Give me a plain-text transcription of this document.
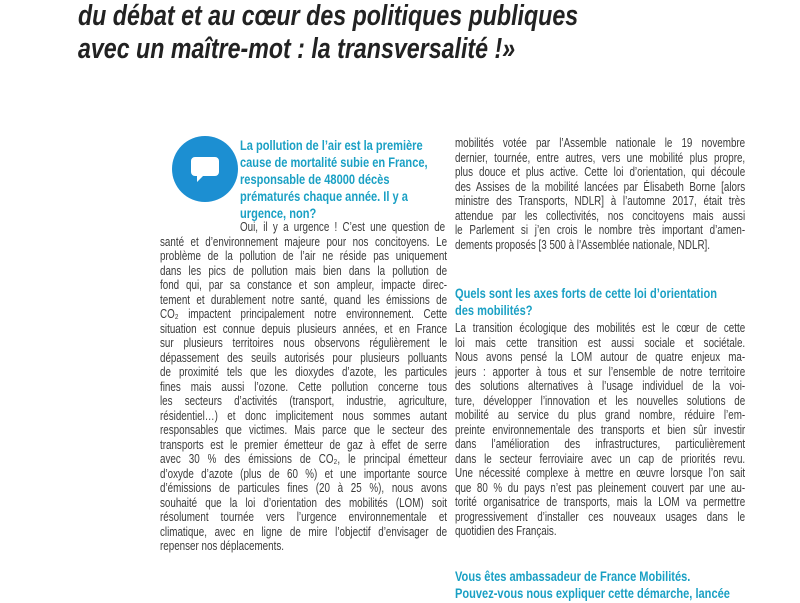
du débat et au cœur des politiques publiques
avec un maître-mot : la transversalité !»
La pollution de l’air est la première
cause de mortalité subie en France,
responsable de 48000 décès
prématurés chaque année. Il y a
urgence, non?
Oui, il y a urgence ! C’est une question de
santé et d’environnement majeure pour nos concitoyens. Le
problème de la pollution de l’air ne réside pas uniquement
dans les pics de pollution mais bien dans la pollution de
fond qui, par sa constance et son ampleur, impacte direc-
tement et durablement notre santé, quand les émissions de
CO₂ impactent principalement notre environnement. Cette
situation est connue depuis plusieurs années, et en France
sur plusieurs territoires nous observons régulièrement le
dépassement des seuils autorisés pour plusieurs polluants
de proximité tels que les dioxydes d’azote, les particules
fines mais aussi l’ozone. Cette pollution concerne tous
les secteurs d’activités (transport, industrie, agriculture,
résidentiel…) et donc implicitement nous sommes autant
responsables que victimes. Mais parce que le secteur des
transports est le premier émetteur de gaz à effet de serre
avec 30 % des émissions de CO₂, le principal émetteur
d’oxyde d’azote (plus de 60 %) et une importante source
d’émissions de particules fines (20 à 25 %), nous avons
souhaité que la loi d’orientation des mobilités (LOM) soit
résolument tournée vers l’urgence environnementale et
climatique, avec en ligne de mire l’objectif d’envisager de
repenser nos déplacements.
mobilités votée par l’Assemble nationale le 19 novembre
dernier, tournée, entre autres, vers une mobilité plus propre,
plus douce et plus active. Cette loi d’orientation, qui découle
des Assises de la mobilité lancées par Élisabeth Borne [alors
ministre des Transports, NDLR] à l’automne 2017, était très
attendue par les collectivités, nos concitoyens mais aussi
le Parlement si j’en crois le nombre très important d’amen-
dements proposés [3 500 à l’Assemblée nationale, NDLR].
Quels sont les axes forts de cette loi d’orientation
des mobilités?
La transition écologique des mobilités est le cœur de cette
loi mais cette transition est aussi sociale et sociétale.
Nous avons pensé la LOM autour de quatre enjeux ma-
jeurs : apporter à tous et sur l’ensemble de notre territoire
des solutions alternatives à l’usage individuel de la voi-
ture, développer l’innovation et les nouvelles solutions de
mobilité au service du plus grand nombre, réduire l’em-
preinte environnementale des transports et bien sûr investir
dans l’amélioration des infrastructures, particulièrement
dans le secteur ferroviaire avec un cap de priorités revu.
Une nécessité complexe à mettre en œuvre lorsque l’on sait
que 80 % du pays n’est pas pleinement couvert par une au-
torité organisatrice de transports, mais la LOM va permettre
progressivement d’installer ces nouveaux usages dans le
quotidien des Français.
Vous êtes ambassadeur de France Mobilités.
Pouvez-vous nous expliquer cette démarche, lancée
